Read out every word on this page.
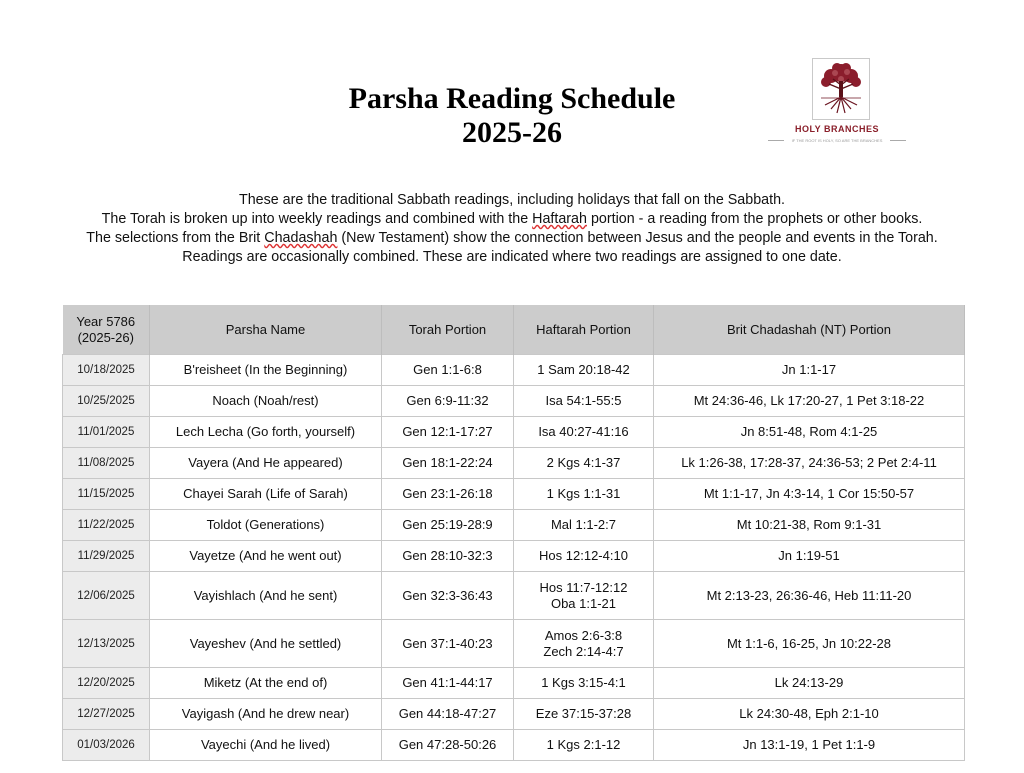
Parsha Reading Schedule
2025-26	HOLY BRANCHES
IF THE ROOT IS HOLY, SO ARE THE BRANCHES
These are the traditional Sabbath readings, including holidays that fall on the Sabbath.
The Torah is broken up into weekly readings and combined with the Haftarah portion - a reading from the prophets or other books.
The selections from the Brit Chadashah (New Testament) show the connection between Jesus and the people and events in the Torah.
Readings are occasionally combined. These are indicated where two readings are assigned to one date.
Year 5786
(2025-26)	Parsha Name	Torah Portion	Haftarah Portion	Brit Chadashah (NT) Portion
10/18/2025	B'reisheet (In the Beginning)	Gen 1:1-6:8	1 Sam 20:18-42	Jn 1:1-17
10/25/2025	Noach (Noah/rest)	Gen 6:9-11:32	Isa 54:1-55:5	Mt 24:36-46, Lk 17:20-27, 1 Pet 3:18-22
11/01/2025	Lech Lecha (Go forth, yourself)	Gen 12:1-17:27	Isa 40:27-41:16	Jn 8:51-48, Rom 4:1-25
11/08/2025	Vayera (And He appeared)	Gen 18:1-22:24	2 Kgs 4:1-37	Lk 1:26-38, 17:28-37, 24:36-53; 2 Pet 2:4-11
11/15/2025	Chayei Sarah (Life of Sarah)	Gen 23:1-26:18	1 Kgs 1:1-31	Mt 1:1-17, Jn 4:3-14, 1 Cor 15:50-57
11/22/2025	Toldot (Generations)	Gen 25:19-28:9	Mal 1:1-2:7	Mt 10:21-38, Rom 9:1-31
11/29/2025	Vayetze (And he went out)	Gen 28:10-32:3	Hos 12:12-4:10	Jn 1:19-51
12/06/2025	Vayishlach (And he sent)	Gen 32:3-36:43	Hos 11:7-12:12
Oba 1:1-21	Mt 2:13-23, 26:36-46, Heb 11:11-20
12/13/2025	Vayeshev (And he settled)	Gen 37:1-40:23	Amos 2:6-3:8
Zech 2:14-4:7	Mt 1:1-6, 16-25, Jn 10:22-28
12/20/2025	Miketz (At the end of)	Gen 41:1-44:17	1 Kgs 3:15-4:1	Lk 24:13-29
12/27/2025	Vayigash (And he drew near)	Gen 44:18-47:27	Eze 37:15-37:28	Lk 24:30-48, Eph 2:1-10
01/03/2026	Vayechi (And he lived)	Gen 47:28-50:26	1 Kgs 2:1-12	Jn 13:1-19, 1 Pet 1:1-9
